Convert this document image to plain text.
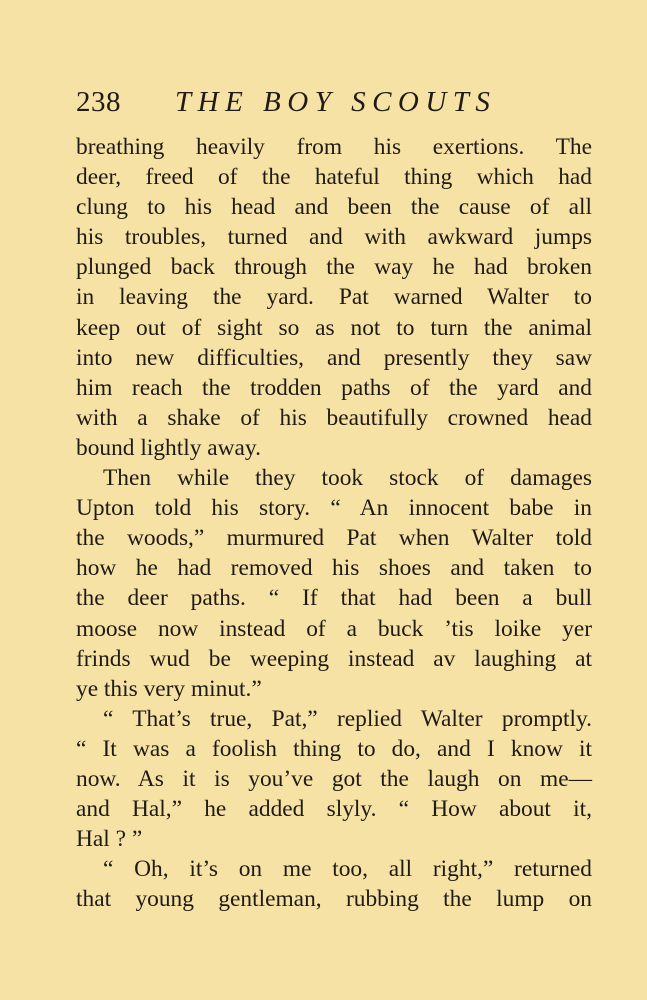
238 THE BOY SCOUTS
breathing heavily from his exertions. The
deer, freed of the hateful thing which had
clung to his head and been the cause of all
his troubles, turned and with awkward jumps
plunged back through the way he had broken
in leaving the yard. Pat warned Walter to
keep out of sight so as not to turn the animal
into new difficulties, and presently they saw
him reach the trodden paths of the yard and
with a shake of his beautifully crowned head
bound lightly away.
Then while they took stock of damages
Upton told his story. “ An innocent babe in
the woods,” murmured Pat when Walter told
how he had removed his shoes and taken to
the deer paths. “ If that had been a bull
moose now instead of a buck ’tis loike yer
frinds wud be weeping instead av laughing at
ye this very minut.”
“ That’s true, Pat,” replied Walter promptly.
“ It was a foolish thing to do, and I know it
now. As it is you’ve got the laugh on me—
and Hal,” he added slyly. “ How about it,
Hal ? ”
“ Oh, it’s on me too, all right,” returned
that young gentleman, rubbing the lump on
